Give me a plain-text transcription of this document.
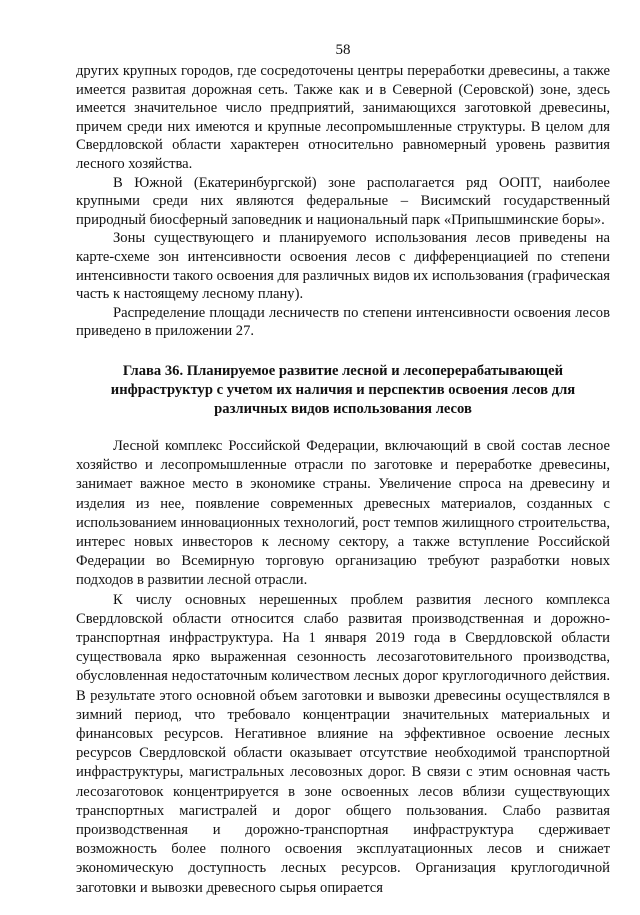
58

других крупных городов, где сосредоточены центры переработки древесины, а также имеется развитая дорожная сеть. Также как и в Северной (Серовской) зоне, здесь имеется значительное число предприятий, занимающихся заготовкой древесины, причем среди них имеются и крупные лесопромышленные структуры. В целом для Свердловской области характерен относительно равномерный уровень развития лесного хозяйства.

В Южной (Екатеринбургской) зоне располагается ряд ООПТ, наиболее крупными среди них являются федеральные – Висимский государственный природный биосферный заповедник и национальный парк «Припышминские боры».

Зоны существующего и планируемого использования лесов приведены на карте-схеме зон интенсивности освоения лесов с дифференциацией по степени интенсивности такого освоения для различных видов их использования (графическая часть к настоящему лесному плану).

Распределение площади лесничеств по степени интенсивности освоения лесов приведено в приложении 27.

Глава 36. Планируемое развитие лесной и лесоперерабатывающей инфраструктур с учетом их наличия и перспектив освоения лесов для различных видов использования лесов

Лесной комплекс Российской Федерации, включающий в свой состав лесное хозяйство и лесопромышленные отрасли по заготовке и переработке древесины, занимает важное место в экономике страны. Увеличение спроса на древесину и изделия из нее, появление современных древесных материалов, созданных с использованием инновационных технологий, рост темпов жилищного строительства, интерес новых инвесторов к лесному сектору, а также вступление Российской Федерации во Всемирную торговую организацию требуют разработки новых подходов в развитии лесной отрасли.

К числу основных нерешенных проблем развития лесного комплекса Свердловской области относится слабо развитая производственная и дорожно-транспортная инфраструктура. На 1 января 2019 года в Свердловской области существовала ярко выраженная сезонность лесозаготовительного производства, обусловленная недостаточным количеством лесных дорог круглогодичного действия. В результате этого основной объем заготовки и вывозки древесины осуществлялся в зимний период, что требовало концентрации значительных материальных и финансовых ресурсов. Негативное влияние на эффективное освоение лесных ресурсов Свердловской области оказывает отсутствие необходимой транспортной инфраструктуры, магистральных лесовозных дорог. В связи с этим основная часть лесозаготовок концентрируется в зоне освоенных лесов вблизи существующих транспортных магистралей и дорог общего пользования. Слабо развитая производственная и дорожно-транспортная инфраструктура сдерживает возможность более полного освоения эксплуатационных лесов и снижает экономическую доступность лесных ресурсов. Организация круглогодичной заготовки и вывозки древесного сырья опирается
